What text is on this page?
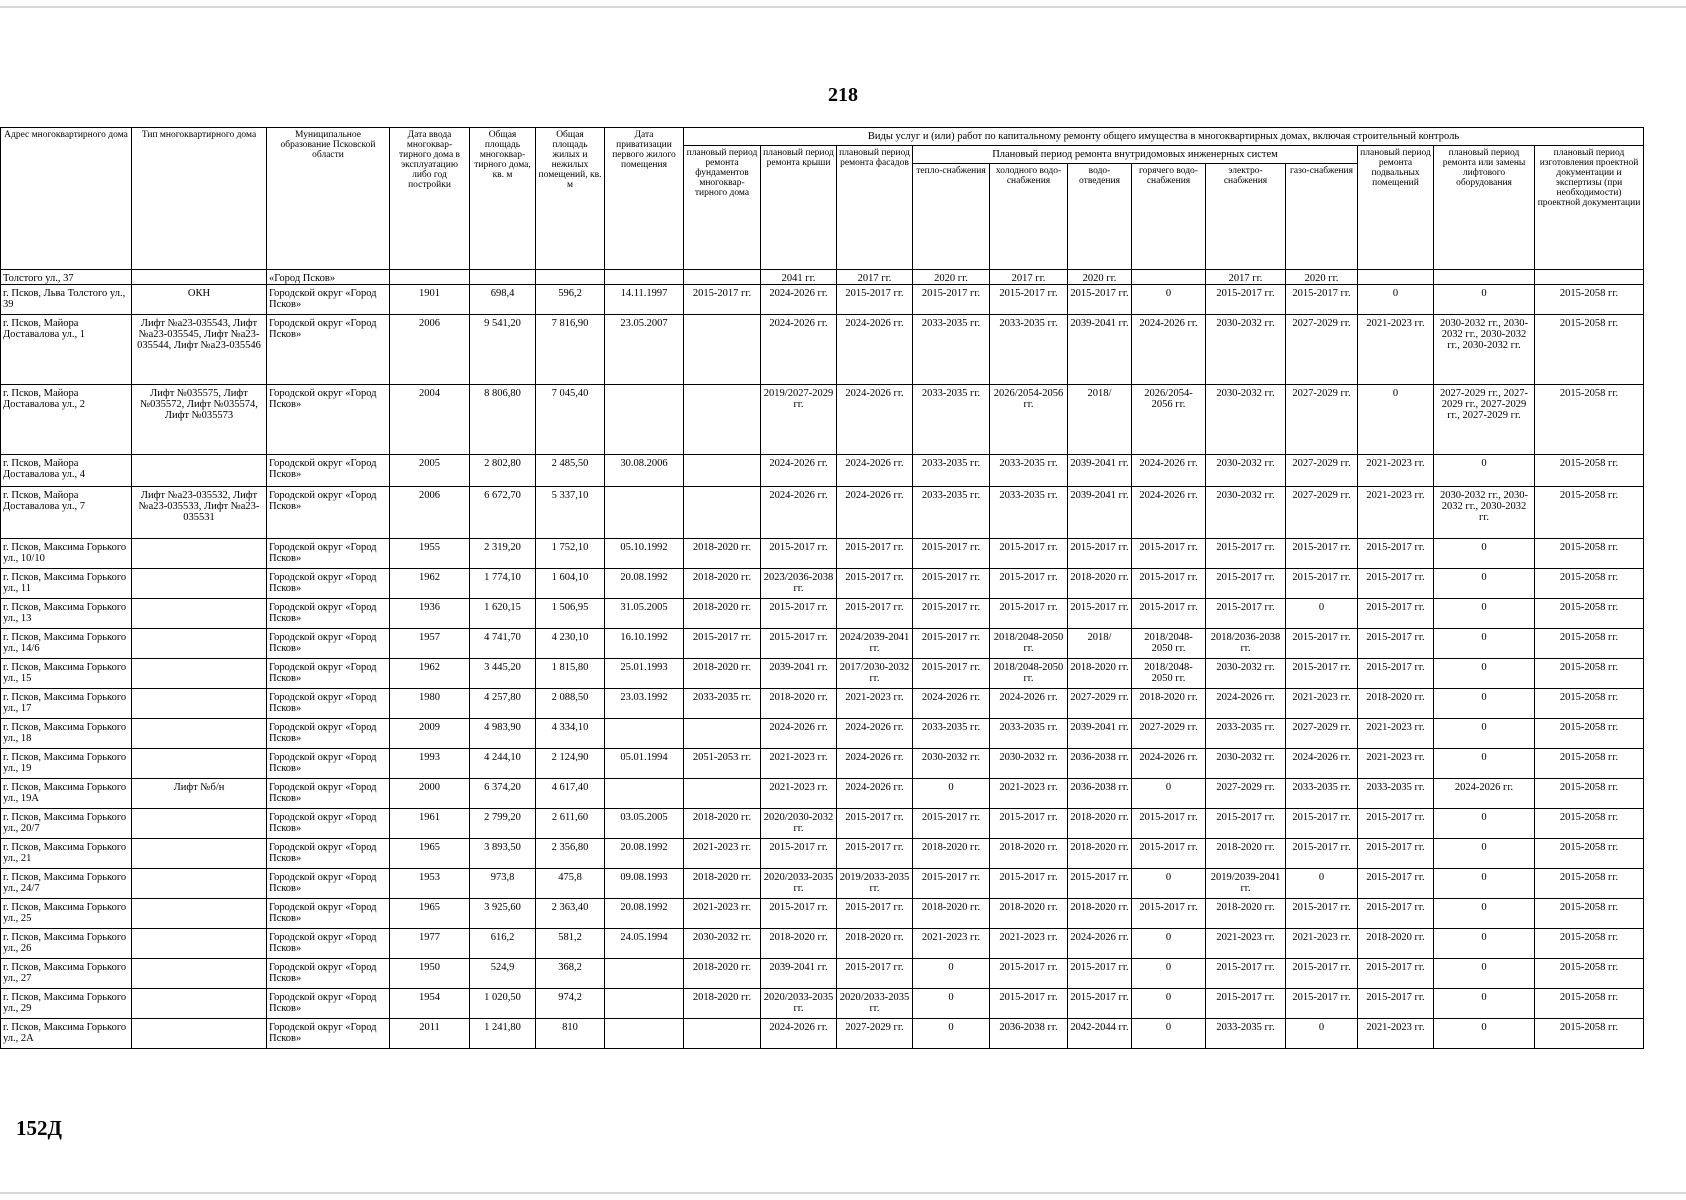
218
Адрес многоквартирного дома	Тип многоквартирного дома	Муниципальное образование Псковской области	Дата ввода многоквар-тирного дома в эксплуатацию либо год постройки	Общая площадь многоквар-тирного дома, кв. м	Общая площадь жилых и нежилых помещений, кв. м	Дата приватизации первого жилого помещения	Виды услуг и (или) работ по капитальному ремонту общего имущества в многоквартирных домах, включая строительный контроль											
							плановый период ремонта фундаментов многоквар-тирного дома	плановый период ремонта крыши	плановый период ремонта фасадов	Плановый период ремонта внутридомовых инженерных систем						плановый период ремонта подвальных помещений	плановый период ремонта или замены лифтового оборудования	плановый период изготовления проектной документации и экспертизы (при необходимости) проектной документации
										тепло-снабжения	холодного водо-снабжения	водо-отведения	горячего водо-снабжения	электро-снабжения	газо-снабжения			
Толстого ул., 37		«Город Псков»						2041 гг.	2017 гг.	2020 гг.	2017 гг.	2020 гг.		2017 гг.	2020 гг.			
г. Псков, Льва Толстого ул., 39	ОКН	Городской округ «Город Псков»	1901	698,4	596,2	14.11.1997	2015-2017 гг.	2024-2026 гг.	2015-2017 гг.	2015-2017 гг.	2015-2017 гг.	2015-2017 гг.	0	2015-2017 гг.	2015-2017 гг.	0	0	2015-2058 гг.
г. Псков, Майора Доставалова ул., 1	Лифт №а23-035543, Лифт №а23-035545, Лифт №а23-035544, Лифт №а23-035546	Городской округ «Город Псков»	2006	9 541,20	7 816,90	23.05.2007		2024-2026 гг.	2024-2026 гг.	2033-2035 гг.	2033-2035 гг.	2039-2041 гг.	2024-2026 гг.	2030-2032 гг.	2027-2029 гг.	2021-2023 гг.	2030-2032 гг., 2030-2032 гг., 2030-2032 гг., 2030-2032 гг.	2015-2058 гг.
г. Псков, Майора Доставалова ул., 2	Лифт №035575, Лифт №035572, Лифт №035574, Лифт №035573	Городской округ «Город Псков»	2004	8 806,80	7 045,40			2019/2027-2029 гг.	2024-2026 гг.	2033-2035 гг.	2026/2054-2056 гг.	2018/	2026/2054-2056 гг.	2030-2032 гг.	2027-2029 гг.	0	2027-2029 гг., 2027-2029 гг., 2027-2029 гг., 2027-2029 гг.	2015-2058 гг.
г. Псков, Майора Доставалова ул., 4		Городской округ «Город Псков»	2005	2 802,80	2 485,50	30.08.2006		2024-2026 гг.	2024-2026 гг.	2033-2035 гг.	2033-2035 гг.	2039-2041 гг.	2024-2026 гг.	2030-2032 гг.	2027-2029 гг.	2021-2023 гг.	0	2015-2058 гг.
г. Псков, Майора Доставалова ул., 7	Лифт №а23-035532, Лифт №а23-035533, Лифт №а23-035531	Городской округ «Город Псков»	2006	6 672,70	5 337,10			2024-2026 гг.	2024-2026 гг.	2033-2035 гг.	2033-2035 гг.	2039-2041 гг.	2024-2026 гг.	2030-2032 гг.	2027-2029 гг.	2021-2023 гг.	2030-2032 гг., 2030-2032 гг., 2030-2032 гг.	2015-2058 гг.
г. Псков, Максима Горького ул., 10/10		Городской округ «Город Псков»	1955	2 319,20	1 752,10	05.10.1992	2018-2020 гг.	2015-2017 гг.	2015-2017 гг.	2015-2017 гг.	2015-2017 гг.	2015-2017 гг.	2015-2017 гг.	2015-2017 гг.	2015-2017 гг.	2015-2017 гг.	0	2015-2058 гг.
г. Псков, Максима Горького ул., 11		Городской округ «Город Псков»	1962	1 774,10	1 604,10	20.08.1992	2018-2020 гг.	2023/2036-2038 гг.	2015-2017 гг.	2015-2017 гг.	2015-2017 гг.	2018-2020 гг.	2015-2017 гг.	2015-2017 гг.	2015-2017 гг.	2015-2017 гг.	0	2015-2058 гг.
г. Псков, Максима Горького ул., 13		Городской округ «Город Псков»	1936	1 620,15	1 506,95	31.05.2005	2018-2020 гг.	2015-2017 гг.	2015-2017 гг.	2015-2017 гг.	2015-2017 гг.	2015-2017 гг.	2015-2017 гг.	2015-2017 гг.	0	2015-2017 гг.	0	2015-2058 гг.
г. Псков, Максима Горького ул., 14/6		Городской округ «Город Псков»	1957	4 741,70	4 230,10	16.10.1992	2015-2017 гг.	2015-2017 гг.	2024/2039-2041 гг.	2015-2017 гг.	2018/2048-2050 гг.	2018/	2018/2048-2050 гг.	2018/2036-2038 гг.	2015-2017 гг.	2015-2017 гг.	0	2015-2058 гг.
г. Псков, Максима Горького ул., 15		Городской округ «Город Псков»	1962	3 445,20	1 815,80	25.01.1993	2018-2020 гг.	2039-2041 гг.	2017/2030-2032 гг.	2015-2017 гг.	2018/2048-2050 гг.	2018-2020 гг.	2018/2048-2050 гг.	2030-2032 гг.	2015-2017 гг.	2015-2017 гг.	0	2015-2058 гг.
г. Псков, Максима Горького ул., 17		Городской округ «Город Псков»	1980	4 257,80	2 088,50	23.03.1992	2033-2035 гг.	2018-2020 гг.	2021-2023 гг.	2024-2026 гг.	2024-2026 гг.	2027-2029 гг.	2018-2020 гг.	2024-2026 гг.	2021-2023 гг.	2018-2020 гг.	0	2015-2058 гг.
г. Псков, Максима Горького ул., 18		Городской округ «Город Псков»	2009	4 983,90	4 334,10			2024-2026 гг.	2024-2026 гг.	2033-2035 гг.	2033-2035 гг.	2039-2041 гг.	2027-2029 гг.	2033-2035 гг.	2027-2029 гг.	2021-2023 гг.	0	2015-2058 гг.
г. Псков, Максима Горького ул., 19		Городской округ «Город Псков»	1993	4 244,10	2 124,90	05.01.1994	2051-2053 гг.	2021-2023 гг.	2024-2026 гг.	2030-2032 гг.	2030-2032 гг.	2036-2038 гг.	2024-2026 гг.	2030-2032 гг.	2024-2026 гг.	2021-2023 гг.	0	2015-2058 гг.
г. Псков, Максима Горького ул., 19А	Лифт №б/н	Городской округ «Город Псков»	2000	6 374,20	4 617,40			2021-2023 гг.	2024-2026 гг.	0	2021-2023 гг.	2036-2038 гг.	0	2027-2029 гг.	2033-2035 гг.	2033-2035 гг.	2024-2026 гг.	2015-2058 гг.
г. Псков, Максима Горького ул., 20/7		Городской округ «Город Псков»	1961	2 799,20	2 611,60	03.05.2005	2018-2020 гг.	2020/2030-2032 гг.	2015-2017 гг.	2015-2017 гг.	2015-2017 гг.	2018-2020 гг.	2015-2017 гг.	2015-2017 гг.	2015-2017 гг.	2015-2017 гг.	0	2015-2058 гг.
г. Псков, Максима Горького ул., 21		Городской округ «Город Псков»	1965	3 893,50	2 356,80	20.08.1992	2021-2023 гг.	2015-2017 гг.	2015-2017 гг.	2018-2020 гг.	2018-2020 гг.	2018-2020 гг.	2015-2017 гг.	2018-2020 гг.	2015-2017 гг.	2015-2017 гг.	0	2015-2058 гг.
г. Псков, Максима Горького ул., 24/7		Городской округ «Город Псков»	1953	973,8	475,8	09.08.1993	2018-2020 гг.	2020/2033-2035 гг.	2019/2033-2035 гг.	2015-2017 гг.	2015-2017 гг.	2015-2017 гг.	0	2019/2039-2041 гг.	0	2015-2017 гг.	0	2015-2058 гг.
г. Псков, Максима Горького ул., 25		Городской округ «Город Псков»	1965	3 925,60	2 363,40	20.08.1992	2021-2023 гг.	2015-2017 гг.	2015-2017 гг.	2018-2020 гг.	2018-2020 гг.	2018-2020 гг.	2015-2017 гг.	2018-2020 гг.	2015-2017 гг.	2015-2017 гг.	0	2015-2058 гг.
г. Псков, Максима Горького ул., 26		Городской округ «Город Псков»	1977	616,2	581,2	24.05.1994	2030-2032 гг.	2018-2020 гг.	2018-2020 гг.	2021-2023 гг.	2021-2023 гг.	2024-2026 гг.	0	2021-2023 гг.	2021-2023 гг.	2018-2020 гг.	0	2015-2058 гг.
г. Псков, Максима Горького ул., 27		Городской округ «Город Псков»	1950	524,9	368,2		2018-2020 гг.	2039-2041 гг.	2015-2017 гг.	0	2015-2017 гг.	2015-2017 гг.	0	2015-2017 гг.	2015-2017 гг.	2015-2017 гг.	0	2015-2058 гг.
г. Псков, Максима Горького ул., 29		Городской округ «Город Псков»	1954	1 020,50	974,2		2018-2020 гг.	2020/2033-2035 гг.	2020/2033-2035 гг.	0	2015-2017 гг.	2015-2017 гг.	0	2015-2017 гг.	2015-2017 гг.	2015-2017 гг.	0	2015-2058 гг.
г. Псков, Максима Горького ул., 2А		Городской округ «Город Псков»	2011	1 241,80	810			2024-2026 гг.	2027-2029 гг.	0	2036-2038 гг.	2042-2044 гг.	0	2033-2035 гг.	0	2021-2023 гг.	0	2015-2058 гг.
152Д
